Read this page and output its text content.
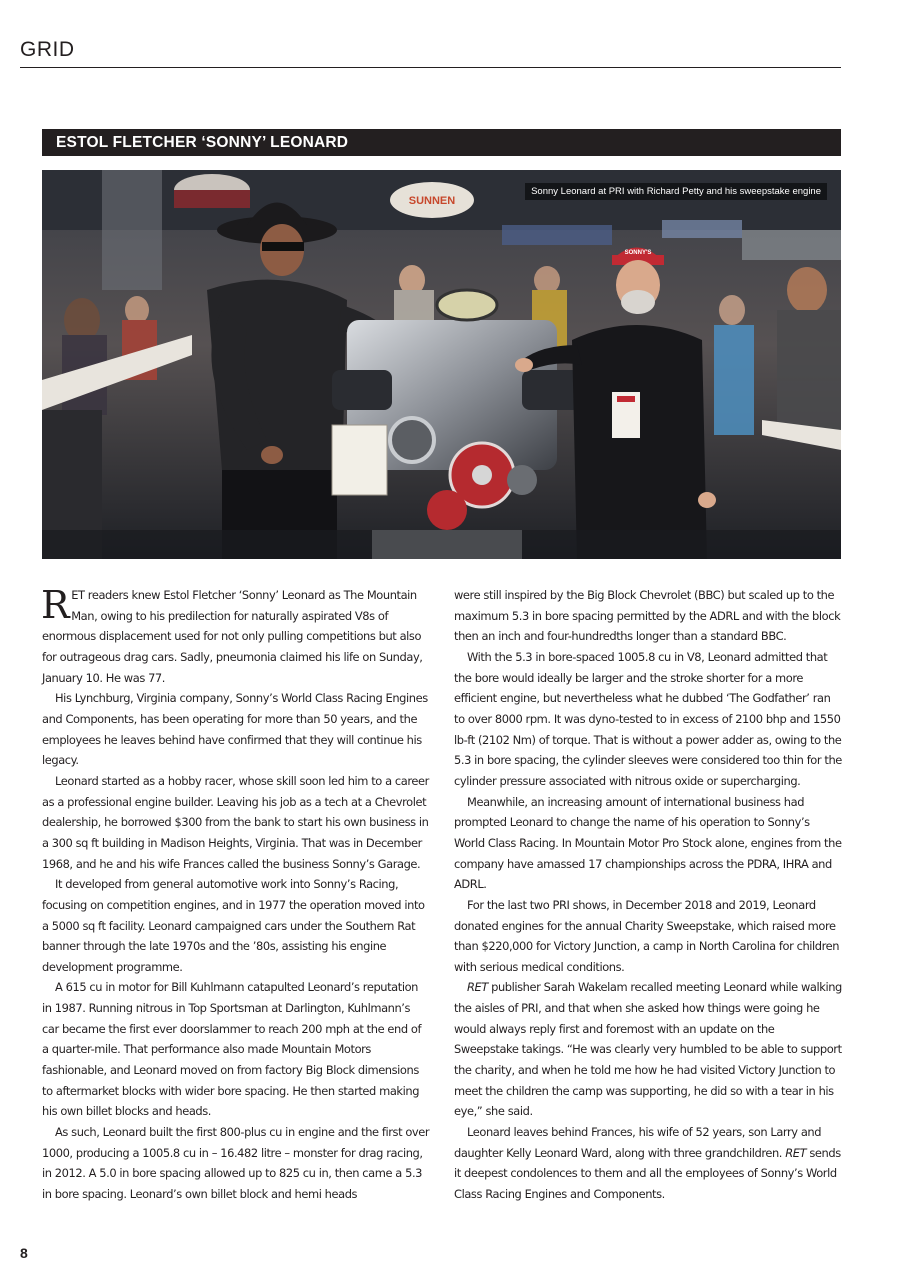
GRID
ESTOL FLETCHER ‘SONNY’ LEONARD
SUNNEN
SONNY'S
Sonny Leonard at PRI with Richard Petty and his sweepstake engine

RET readers knew Estol Fletcher ‘Sonny’ Leonard as The Mountain Man, owing to his predilection for naturally aspirated V8s of enormous displacement used for not only pulling competitions but also for outrageous drag cars. Sadly, pneumonia claimed his life on Sunday, January 10. He was 77.

His Lynchburg, Virginia company, Sonny’s World Class Racing Engines and Components, has been operating for more than 50 years, and the employees he leaves behind have confirmed that they will continue his legacy.

Leonard started as a hobby racer, whose skill soon led him to a career as a professional engine builder. Leaving his job as a tech at a Chevrolet dealership, he borrowed $300 from the bank to start his own business in a 300 sq ft building in Madison Heights, Virginia. That was in December 1968, and he and his wife Frances called the business Sonny’s Garage.

It developed from general automotive work into Sonny’s Racing, focusing on competition engines, and in 1977 the operation moved into a 5000 sq ft facility. Leonard campaigned cars under the Southern Rat banner through the late 1970s and the ’80s, assisting his engine development programme.

A 615 cu in motor for Bill Kuhlmann catapulted Leonard’s reputation in 1987. Running nitrous in Top Sportsman at Darlington, Kuhlmann’s car became the first ever doorslammer to reach 200 mph at the end of a quarter-mile. That performance also made Mountain Motors fashionable, and Leonard moved on from factory Big Block dimensions to aftermarket blocks with wider bore spacing. He then started making his own billet blocks and heads.

As such, Leonard built the first 800-plus cu in engine and the first over 1000, producing a 1005.8 cu in – 16.482 litre – monster for drag racing, in 2012. A 5.0 in bore spacing allowed up to 825 cu in, then came a 5.3 in bore spacing. Leonard’s own billet block and hemi heads

were still inspired by the Big Block Chevrolet (BBC) but scaled up to the maximum 5.3 in bore spacing permitted by the ADRL and with the block then an inch and four-hundredths longer than a standard BBC.

With the 5.3 in bore-spaced 1005.8 cu in V8, Leonard admitted that the bore would ideally be larger and the stroke shorter for a more efficient engine, but nevertheless what he dubbed ‘The Godfather’ ran to over 8000 rpm. It was dyno-tested to in excess of 2100 bhp and 1550 lb-ft (2102 Nm) of torque. That is without a power adder as, owing to the 5.3 in bore spacing, the cylinder sleeves were considered too thin for the cylinder pressure associated with nitrous oxide or supercharging.

Meanwhile, an increasing amount of international business had prompted Leonard to change the name of his operation to Sonny’s World Class Racing. In Mountain Motor Pro Stock alone, engines from the company have amassed 17 championships across the PDRA, IHRA and ADRL.

For the last two PRI shows, in December 2018 and 2019, Leonard donated engines for the annual Charity Sweepstake, which raised more than $220,000 for Victory Junction, a camp in North Carolina for children with serious medical conditions.

RET publisher Sarah Wakelam recalled meeting Leonard while walking the aisles of PRI, and that when she asked how things were going he would always reply first and foremost with an update on the Sweepstake takings. “He was clearly very humbled to be able to support the charity, and when he told me how he had visited Victory Junction to meet the children the camp was supporting, he did so with a tear in his eye,” she said.

Leonard leaves behind Frances, his wife of 52 years, son Larry and daughter Kelly Leonard Ward, along with three grandchildren. RET sends it deepest condolences to them and all the employees of Sonny’s World Class Racing Engines and Components.

8
